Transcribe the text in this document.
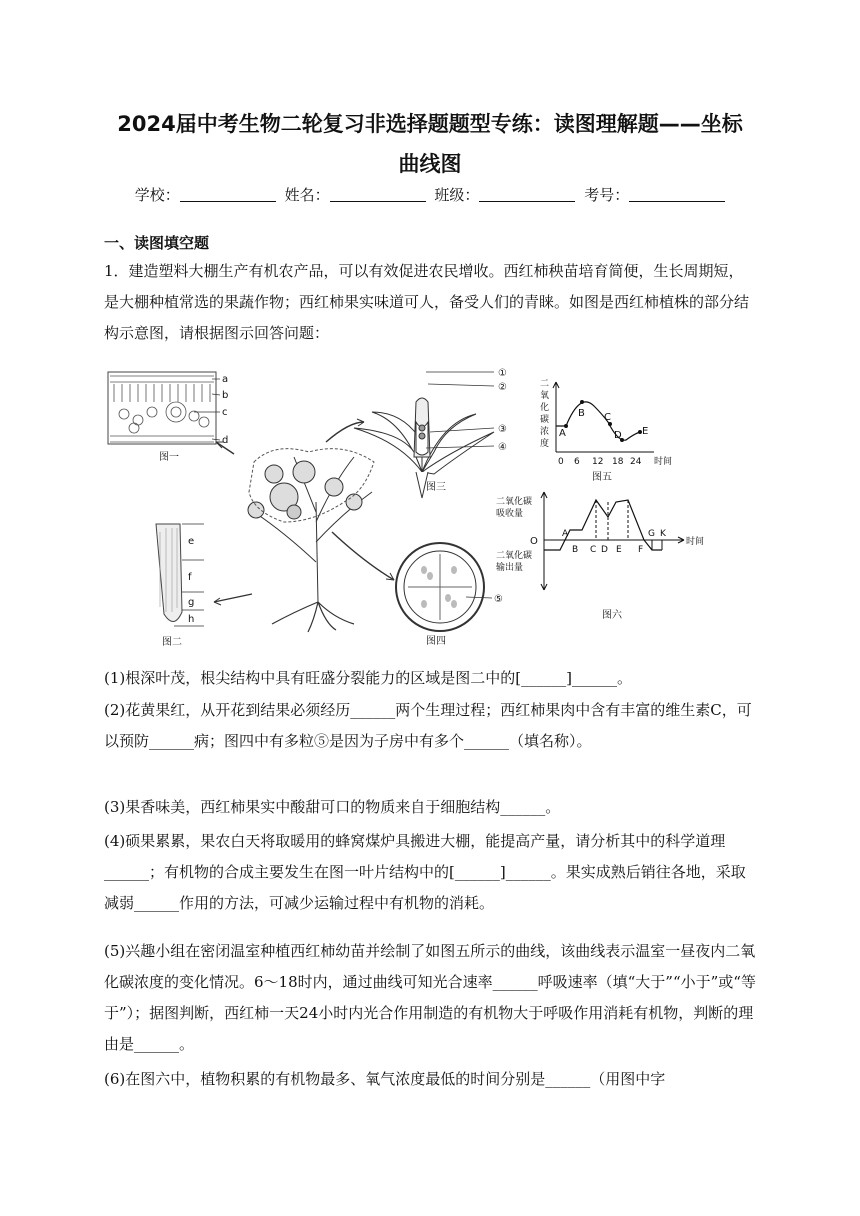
2024届中考生物二轮复习非选择题题型专练：读图理解题——坐标
曲线图
学校：	姓名：	班级：	考号：
一、读图填空题
1．建造塑料大棚生产有机农产品，可以有效促进农民增收。西红柿秧苗培育简便，生长周期短，是大棚种植常选的果蔬作物；西红柿果实味道可人，备受人们的青睐。如图是西红柿植株的部分结构示意图，请根据图示回答问题：
a
b
c
d
图一
e
f
g
h
图二
①
②
③
④
图三
⑤
图四
二
氧
化
碳
浓
度
A
B C
D E
0 6 12 18 24 时间
图五
二氧化碳
吸收量
二氧化碳
输出量
O
A
B C D E F
G K
时间
图六
(1)根深叶茂，根尖结构中具有旺盛分裂能力的区域是图二中的[______]______。
(2)花黄果红，从开花到结果必须经历______两个生理过程；西红柿果肉中含有丰富的维生素C，可以预防______病；图四中有多粒⑤是因为子房中有多个______（填名称）。
(3)果香味美，西红柿果实中酸甜可口的物质来自于细胞结构______。
(4)硕果累累，果农白天将取暖用的蜂窝煤炉具搬进大棚，能提高产量，请分析其中的科学道理______；有机物的合成主要发生在图一叶片结构中的[______]______。果实成熟后销往各地，采取减弱______作用的方法，可减少运输过程中有机物的消耗。
(5)兴趣小组在密闭温室种植西红柿幼苗并绘制了如图五所示的曲线，该曲线表示温室一昼夜内二氧化碳浓度的变化情况。6～18时内，通过曲线可知光合速率______呼吸速率（填“大于”“小于”或“等于”）；据图判断，西红柿一天24小时内光合作用制造的有机物大于呼吸作用消耗有机物，判断的理由是______。
(6)在图六中，植物积累的有机物最多、氧气浓度最低的时间分别是______（用图中字
